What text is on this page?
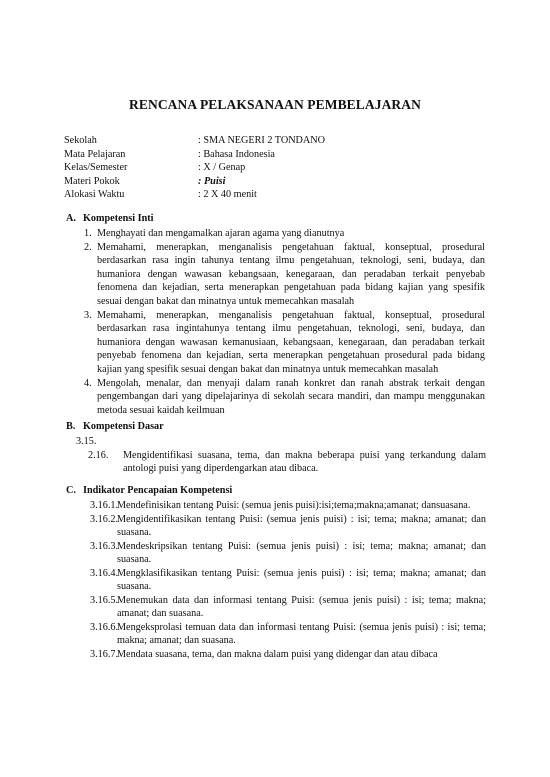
RENCANA PELAKSANAAN PEMBELAJARAN
Sekolah	: SMA NEGERI 2 TONDANO
Mata Pelajaran	: Bahasa Indonesia
Kelas/Semester	: X / Genap
Materi Pokok	: Puisi
Alokasi Waktu	: 2 X 40 menit
A. Kompetensi Inti
1. Menghayati dan mengamalkan ajaran agama yang dianutnya
2. Memahami, menerapkan, menganalisis pengetahuan faktual, konseptual, prosedural berdasarkan rasa ingin tahunya tentang ilmu pengetahuan, teknologi, seni, budaya, dan humaniora dengan wawasan kebangsaan, kenegaraan, dan peradaban terkait penyebab fenomena dan kejadian, serta menerapkan pengetahuan pada bidang kajian yang spesifik sesuai dengan bakat dan minatnya untuk memecahkan masalah
3. Memahami, menerapkan, menganalisis pengetahuan faktual, konseptual, prosedural berdasarkan rasa ingintahunya tentang ilmu pengetahuan, teknologi, seni, budaya, dan humaniora dengan wawasan kemanusiaan, kebangsaan, kenegaraan, dan peradaban terkait penyebab fenomena dan kejadian, serta menerapkan pengetahuan prosedural pada bidang kajian yang spesifik sesuai dengan bakat dan minatnya untuk memecahkan masalah
4. Mengolah, menalar, dan menyaji dalam ranah konkret dan ranah abstrak terkait dengan pengembangan dari yang dipelajarinya di sekolah secara mandiri, dan mampu menggunakan metoda sesuai kaidah keilmuan
B. Kompetensi Dasar
3.15.
2.16.	Mengidentifikasi suasana, tema, dan makna beberapa puisi yang terkandung dalam antologi puisi yang diperdengarkan atau dibaca.
C. Indikator Pencapaian Kompetensi
3.16.1.
Mendefinisikan tentang Puisi: (semua jenis puisi):isi;tema;makna;amanat; dansuasana.
3.16.2.
Mengidentifikasikan tentang Puisi: (semua jenis puisi) : isi; tema; makna; amanat; dan suasana.
3.16.3.
Mendeskripsikan tentang Puisi: (semua jenis puisi) : isi; tema; makna; amanat; dan suasana.
3.16.4.
Mengklasifikasikan tentang Puisi: (semua jenis puisi) : isi; tema; makna; amanat; dan suasana.
3.16.5.
Menemukan data dan informasi tentang Puisi: (semua jenis puisi) : isi; tema; makna; amanat; dan suasana.
3.16.6.
Mengeksprolasi temuan data dan informasi tentang Puisi: (semua jenis puisi) : isi; tema; makna; amanat; dan suasana.
3.16.7.
Mendata suasana, tema, dan makna dalam puisi yang didengar dan atau dibaca
